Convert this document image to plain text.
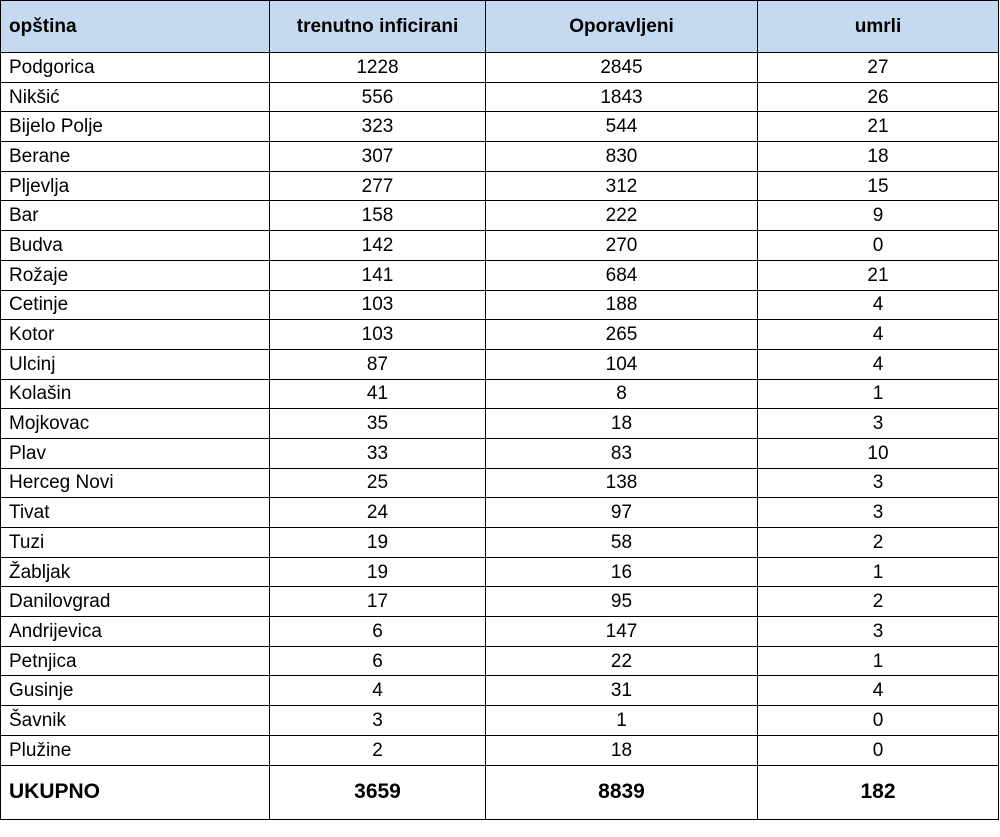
opština	trenutno inficirani	Oporavljeni	umrli
Podgorica	1228	2845	27
Nikšić	556	1843	26
Bijelo Polje	323	544	21
Berane	307	830	18
Pljevlja	277	312	15
Bar	158	222	9
Budva	142	270	0
Rožaje	141	684	21
Cetinje	103	188	4
Kotor	103	265	4
Ulcinj	87	104	4
Kolašin	41	8	1
Mojkovac	35	18	3
Plav	33	83	10
Herceg Novi	25	138	3
Tivat	24	97	3
Tuzi	19	58	2
Žabljak	19	16	1
Danilovgrad	17	95	2
Andrijevica	6	147	3
Petnjica	6	22	1
Gusinje	4	31	4
Šavnik	3	1	0
Plužine	2	18	0
UKUPNO	3659	8839	182
